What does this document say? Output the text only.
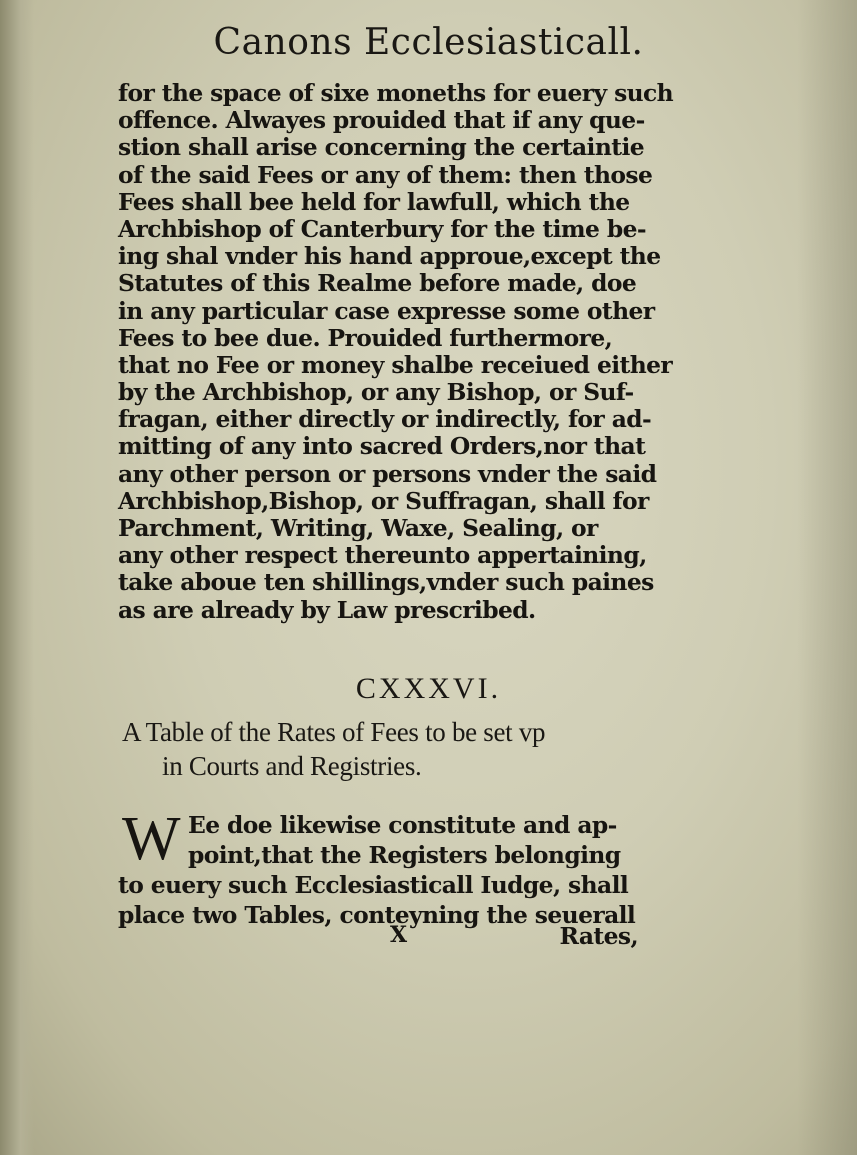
Canons Ecclesiasticall.
for the space of sixe moneths for euery such
offence. Alwayes prouided that if any que-
stion shall arise concerning the certaintie
of the said Fees or any of them: then those
Fees shall bee held for lawfull, which the
Archbishop of Canterbury for the time be-
ing shal vnder his hand approue,except the
Statutes of this Realme before made, doe
in any particular case expresse some other
Fees to bee due. Prouided furthermore,
that no Fee or money shalbe receiued either
by the Archbishop, or any Bishop, or Suf-
fragan, either directly or indirectly, for ad-
mitting of any into sacred Orders,nor that
any other person or persons vnder the said
Archbishop,Bishop, or Suffragan, shall for
Parchment, Writing, Waxe, Sealing, or
any other respect thereunto appertaining,
take aboue ten shillings,vnder such paines
as are already by Law prescribed.
CXXXVI.
A Table of the Rates of Fees to be set vp
in Courts and Registries.
W Ee doe likewise constitute and ap-
point,that the Registers belonging
to euery such Ecclesiasticall Iudge, shall
place two Tables, conteyning the seuerall
X	Rates,
